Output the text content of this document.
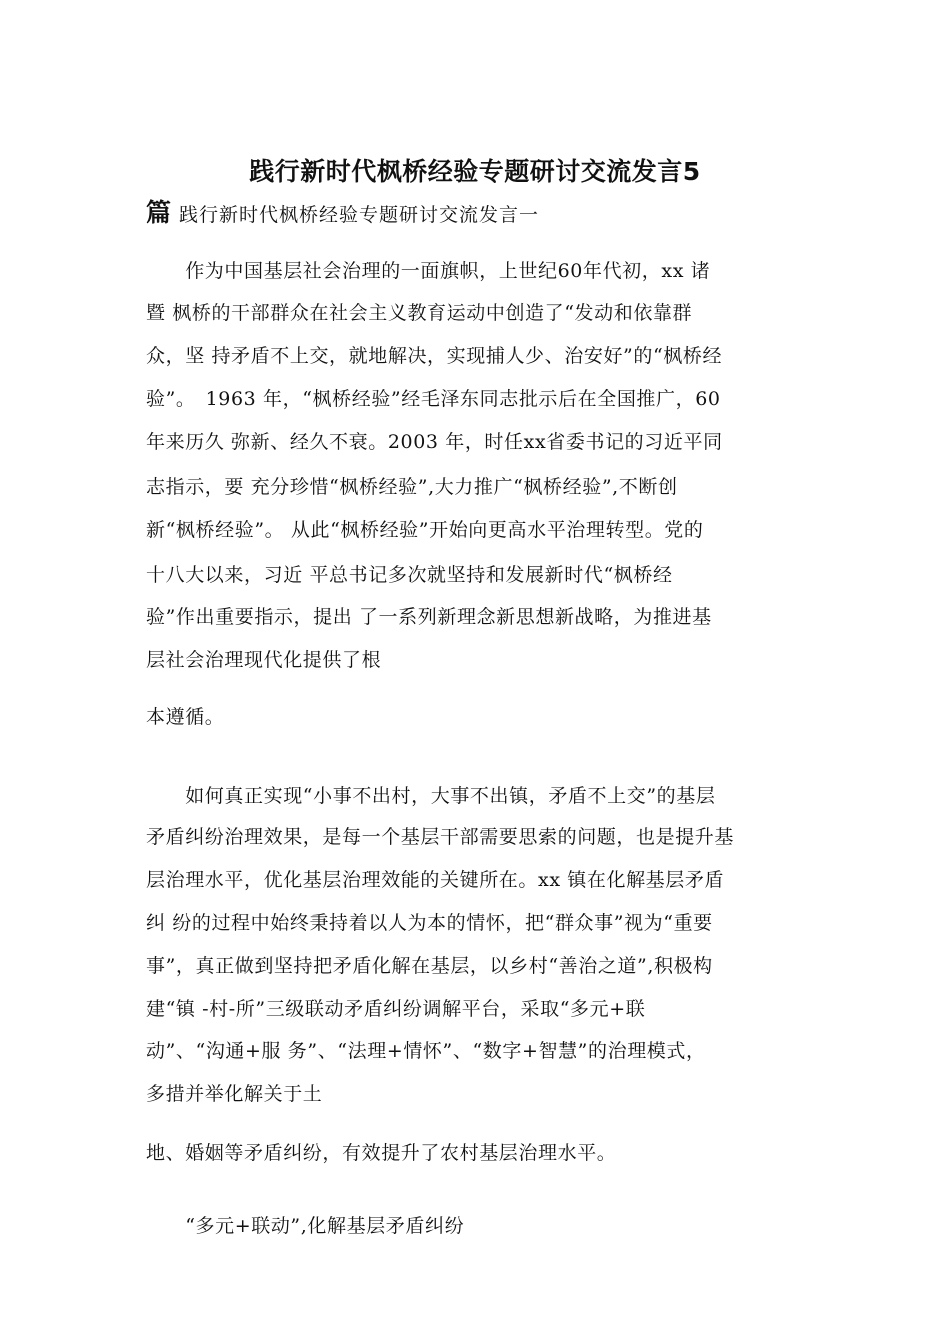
践行新时代枫桥经验专题研讨交流发言5
篇 践行新时代枫桥经验专题研讨交流发言一
　　作为中国基层社会治理的一面旗帜，上世纪60年代初，xx 诸
暨 枫桥的干部群众在社会主义教育运动中创造了“发动和依靠群
众，坚 持矛盾不上交，就地解决，实现捕人少、治安好”的“枫桥经
验”。　1963 年，“枫桥经验”经毛泽东同志批示后在全国推广，60
年来历久 弥新、经久不衰。2003 年，时任xx省委书记的习近平同
志指示，要 充分珍惜“枫桥经验”,大力推广“枫桥经验”,不断创
新“枫桥经验”。 从此“枫桥经验”开始向更高水平治理转型。党的
十八大以来，习近 平总书记多次就坚持和发展新时代“枫桥经
验”作出重要指示，提出 了一系列新理念新思想新战略，为推进基
层社会治理现代化提供了根
本遵循。
　　如何真正实现“小事不出村，大事不出镇，矛盾不上交”的基层
矛盾纠纷治理效果，是每一个基层干部需要思索的问题，也是提升基
层治理水平，优化基层治理效能的关键所在。xx 镇在化解基层矛盾
纠 纷的过程中始终秉持着以人为本的情怀，把“群众事”视为“重要
事”，真正做到坚持把矛盾化解在基层，以乡村“善治之道”,积极构
建“镇 -村-所”三级联动矛盾纠纷调解平台，采取“多元+联
动”、“沟通+服 务”、“法理+情怀”、“数字+智慧”的治理模式，
多措并举化解关于土
地、婚姻等矛盾纠纷，有效提升了农村基层治理水平。
　　“多元+联动”,化解基层矛盾纠纷
